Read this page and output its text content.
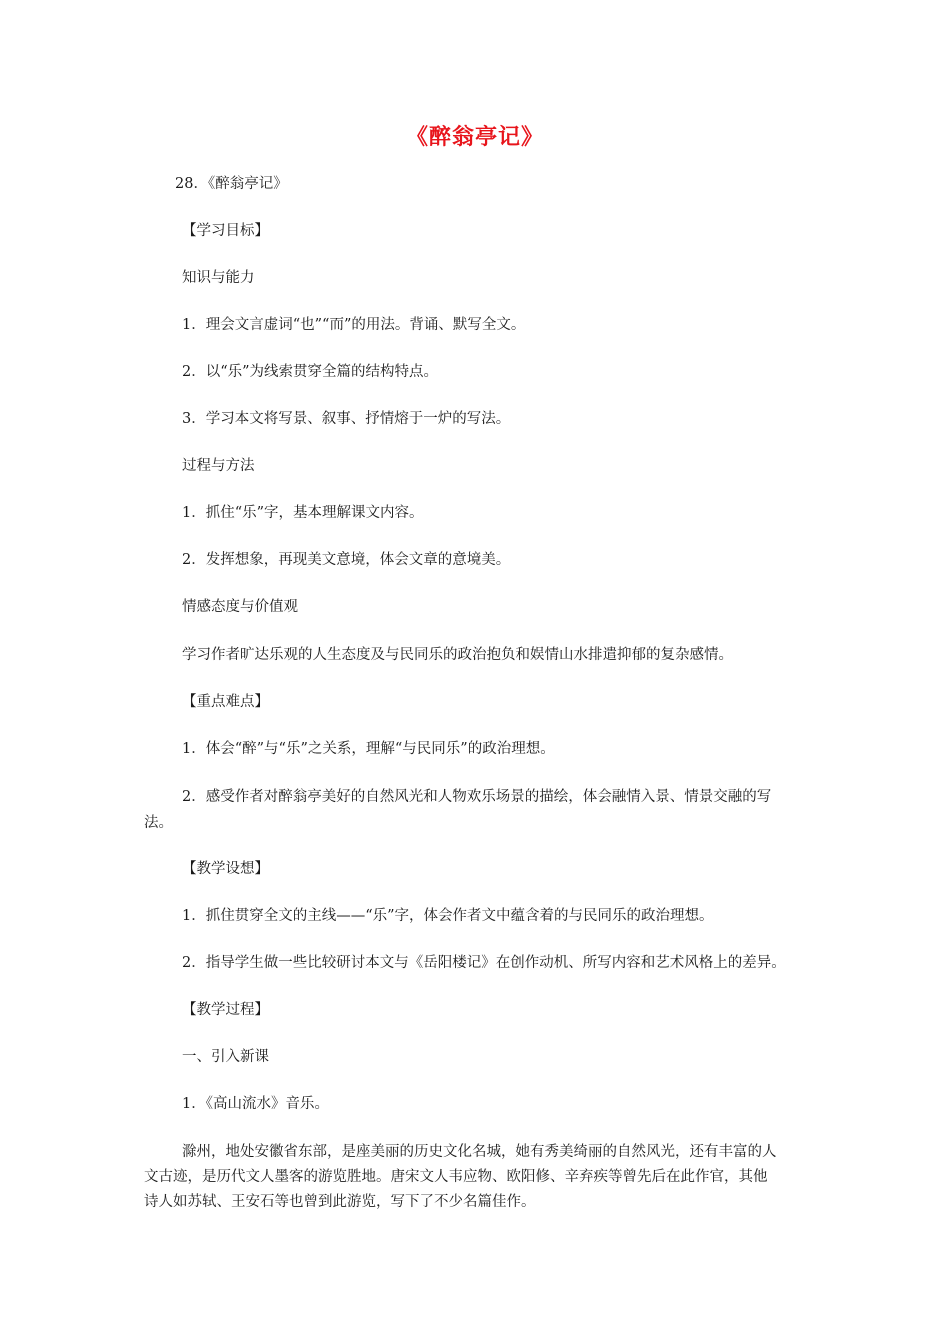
《醉翁亭记》
28．《醉翁亭记》
【学习目标】
知识与能力
1．理会文言虚词“也”“而”的用法。背诵、默写全文。
2．以“乐”为线索贯穿全篇的结构特点。
3．学习本文将写景、叙事、抒情熔于一炉的写法。
过程与方法
1．抓住“乐”字，基本理解课文内容。
2．发挥想象，再现美文意境，体会文章的意境美。
情感态度与价值观
学习作者旷达乐观的人生态度及与民同乐的政治抱负和娱情山水排遣抑郁的复杂感情。
【重点难点】
1．体会“醉”与“乐”之关系，理解“与民同乐”的政治理想。
2．感受作者对醉翁亭美好的自然风光和人物欢乐场景的描绘，体会融情入景、情景交融的写
法。
【教学设想】
1．抓住贯穿全文的主线——“乐”字，体会作者文中蕴含着的与民同乐的政治理想。
2．指导学生做一些比较研讨本文与《岳阳楼记》在创作动机、所写内容和艺术风格上的差异。
【教学过程】
一、引入新课
1．《高山流水》音乐。
滁州，地处安徽省东部，是座美丽的历史文化名城，她有秀美绮丽的自然风光，还有丰富的人
文古迹，是历代文人墨客的游览胜地。唐宋文人韦应物、欧阳修、辛弃疾等曾先后在此作官，其他
诗人如苏轼、王安石等也曾到此游览，写下了不少名篇佳作。
